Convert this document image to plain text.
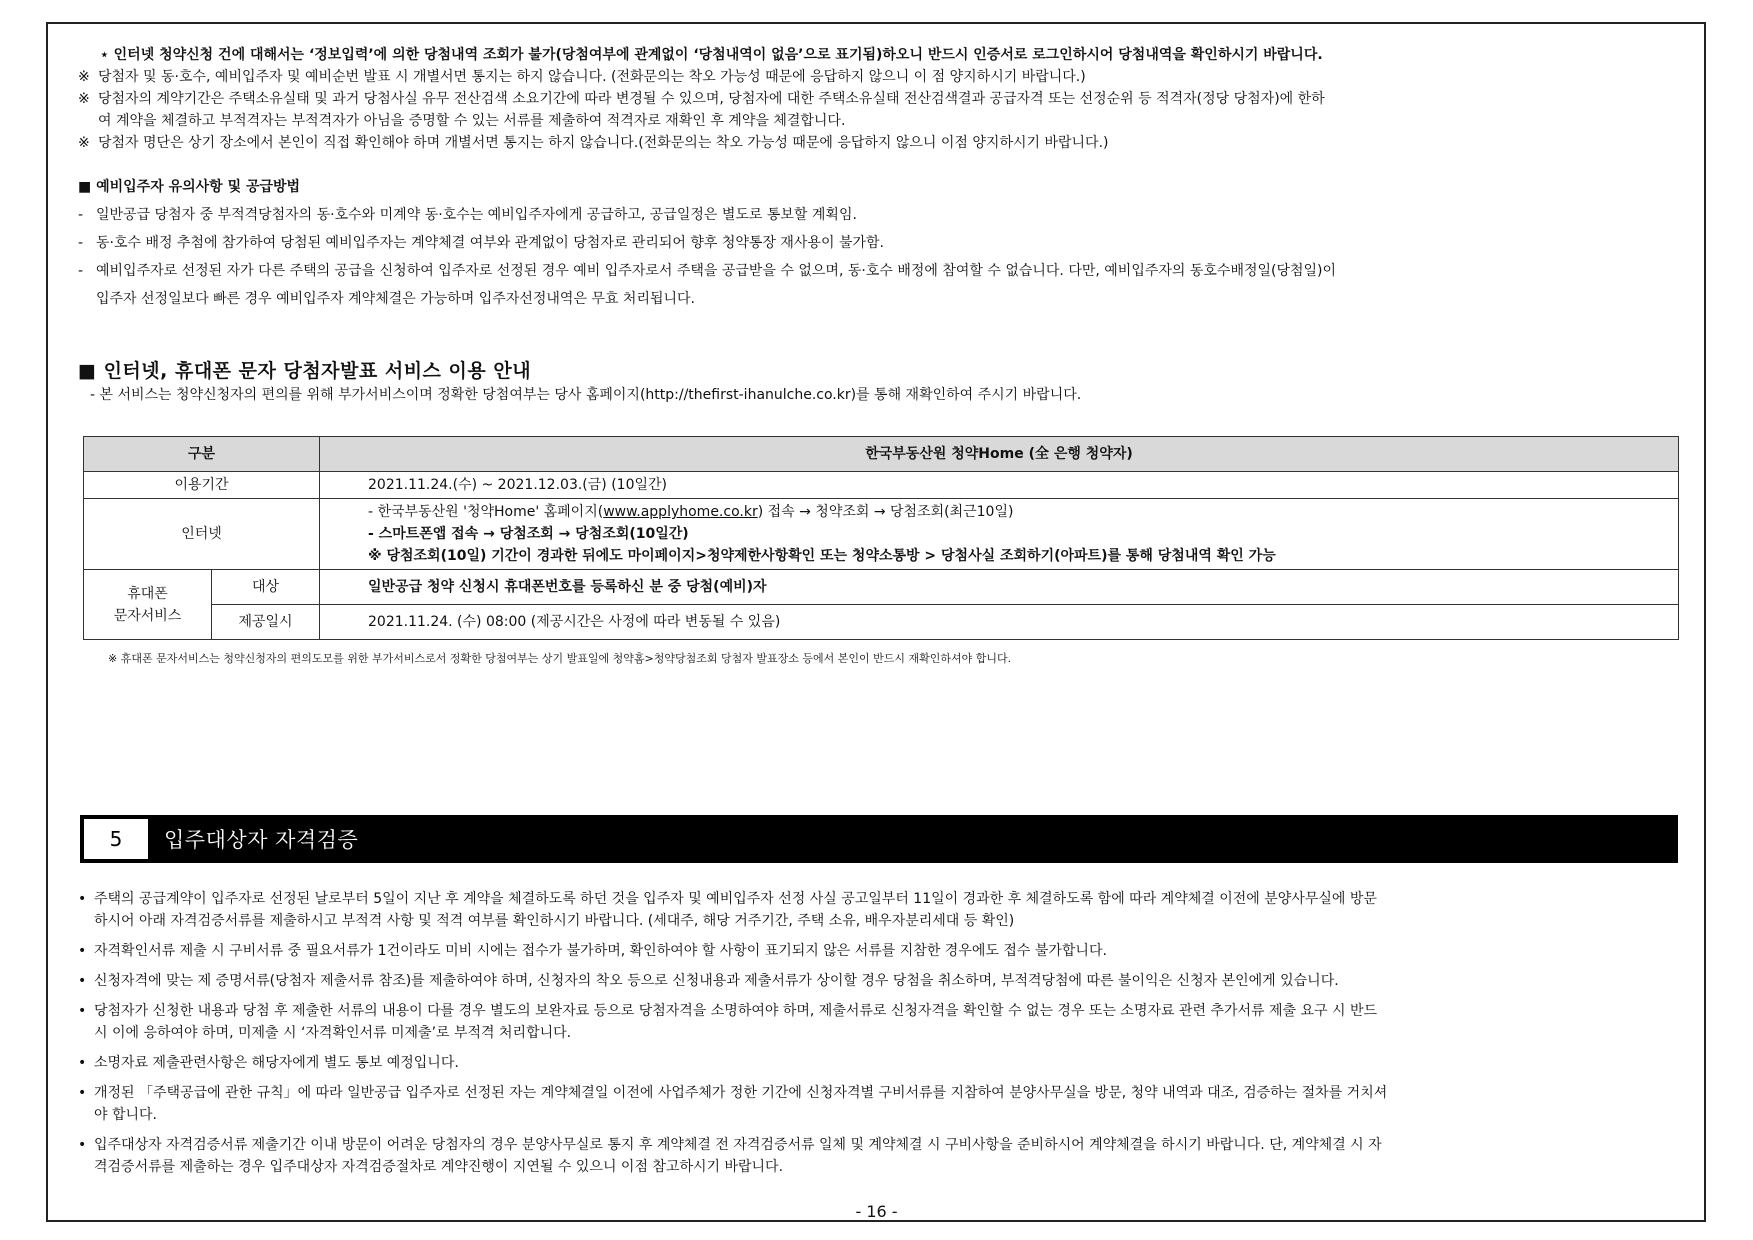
⋆ 인터넷 청약신청 건에 대해서는 ‘정보입력’에 의한 당첨내역 조회가 불가(당첨여부에 관계없이 ‘당첨내역이 없음’으로 표기됨)하오니 반드시 인증서로 로그인하시어 당첨내역을 확인하시기 바랍니다.
※ 당첨자 및 동·호수, 예비입주자 및 예비순번 발표 시 개별서면 통지는 하지 않습니다. (전화문의는 착오 가능성 때문에 응답하지 않으니 이 점 양지하시기 바랍니다.)
※ 당첨자의 계약기간은 주택소유실태 및 과거 당첨사실 유무 전산검색 소요기간에 따라 변경될 수 있으며, 당첨자에 대한 주택소유실태 전산검색결과 공급자격 또는 선정순위 등 적격자(정당 당첨자)에 한하
여 계약을 체결하고 부적격자는 부적격자가 아님을 증명할 수 있는 서류를 제출하여 적격자로 재확인 후 계약을 체결합니다.
※ 당첨자 명단은 상기 장소에서 본인이 직접 확인해야 하며 개별서면 통지는 하지 않습니다.(전화문의는 착오 가능성 때문에 응답하지 않으니 이점 양지하시기 바랍니다.)
■ 예비입주자 유의사항 및 공급방법
- 일반공급 당첨자 중 부적격당첨자의 동·호수와 미계약 동·호수는 예비입주자에게 공급하고, 공급일정은 별도로 통보할 계획임.
- 동·호수 배정 추첨에 참가하여 당첨된 예비입주자는 계약체결 여부와 관계없이 당첨자로 관리되어 향후 청약통장 재사용이 불가함.
- 예비입주자로 선정된 자가 다른 주택의 공급을 신청하여 입주자로 선정된 경우 예비 입주자로서 주택을 공급받을 수 없으며, 동·호수 배정에 참여할 수 없습니다. 다만, 예비입주자의 동호수배정일(당첨일)이
입주자 선정일보다 빠른 경우 예비입주자 계약체결은 가능하며 입주자선정내역은 무효 처리됩니다.
■ 인터넷, 휴대폰 문자 당첨자발표 서비스 이용 안내
- 본 서비스는 청약신청자의 편의를 위해 부가서비스이며 정확한 당첨여부는 당사 홈페이지(http://thefirst-ihanulche.co.kr)를 통해 재확인하여 주시기 바랍니다.
구분		한국부동산원 청약Home (全 은행 청약자)
이용기간		2021.11.24.(수) ~ 2021.12.03.(금) (10일간)
인터넷		- 한국부동산원 '청약Home' 홈페이지(www.applyhome.co.kr) 접속 → 청약조회 → 당첨조회(최근10일)
- 스마트폰앱 접속 → 당첨조회 → 당첨조회(10일간)
※ 당첨조회(10일) 기간이 경과한 뒤에도 마이페이지>청약제한사항확인 또는 청약소통방 > 당첨사실 조회하기(아파트)를 통해 당첨내역 확인 가능

휴대폰
문자서비스	대상	일반공급 청약 신청시 휴대폰번호를 등록하신 분 중 당첨(예비)자
	제공일시	2021.11.24. (수) 08:00 (제공시간은 사정에 따라 변동될 수 있음)
※ 휴대폰 문자서비스는 청약신청자의 편의도모를 위한 부가서비스로서 정확한 당첨여부는 상기 발표일에 청약홈>청약당첨조회 당첨자 발표장소 등에서 본인이 반드시 재확인하셔야 합니다.
5	입주대상자 자격검증
• 주택의 공급계약이 입주자로 선정된 날로부터 5일이 지난 후 계약을 체결하도록 하던 것을 입주자 및 예비입주자 선정 사실 공고일부터 11일이 경과한 후 체결하도록 함에 따라 계약체결 이전에 분양사무실에 방문
하시어 아래 자격검증서류를 제출하시고 부적격 사항 및 적격 여부를 확인하시기 바랍니다. (세대주, 해당 거주기간, 주택 소유, 배우자분리세대 등 확인)
• 자격확인서류 제출 시 구비서류 중 필요서류가 1건이라도 미비 시에는 접수가 불가하며, 확인하여야 할 사항이 표기되지 않은 서류를 지참한 경우에도 접수 불가합니다.
• 신청자격에 맞는 제 증명서류(당첨자 제출서류 참조)를 제출하여야 하며, 신청자의 착오 등으로 신청내용과 제출서류가 상이할 경우 당첨을 취소하며, 부적격당첨에 따른 불이익은 신청자 본인에게 있습니다.
• 당첨자가 신청한 내용과 당첨 후 제출한 서류의 내용이 다를 경우 별도의 보완자료 등으로 당첨자격을 소명하여야 하며, 제출서류로 신청자격을 확인할 수 없는 경우 또는 소명자료 관련 추가서류 제출 요구 시 반드
시 이에 응하여야 하며, 미제출 시 ‘자격확인서류 미제출’로 부적격 처리합니다.
• 소명자료 제출관련사항은 해당자에게 별도 통보 예정입니다.
• 개정된 「주택공급에 관한 규칙」에 따라 일반공급 입주자로 선정된 자는 계약체결일 이전에 사업주체가 정한 기간에 신청자격별 구비서류를 지참하여 분양사무실을 방문, 청약 내역과 대조, 검증하는 절차를 거치셔
야 합니다.
• 입주대상자 자격검증서류 제출기간 이내 방문이 어려운 당첨자의 경우 분양사무실로 통지 후 계약체결 전 자격검증서류 일체 및 계약체결 시 구비사항을 준비하시어 계약체결을 하시기 바랍니다. 단, 계약체결 시 자
격검증서류를 제출하는 경우 입주대상자 자격검증절차로 계약진행이 지연될 수 있으니 이점 참고하시기 바랍니다.
- 16 -
